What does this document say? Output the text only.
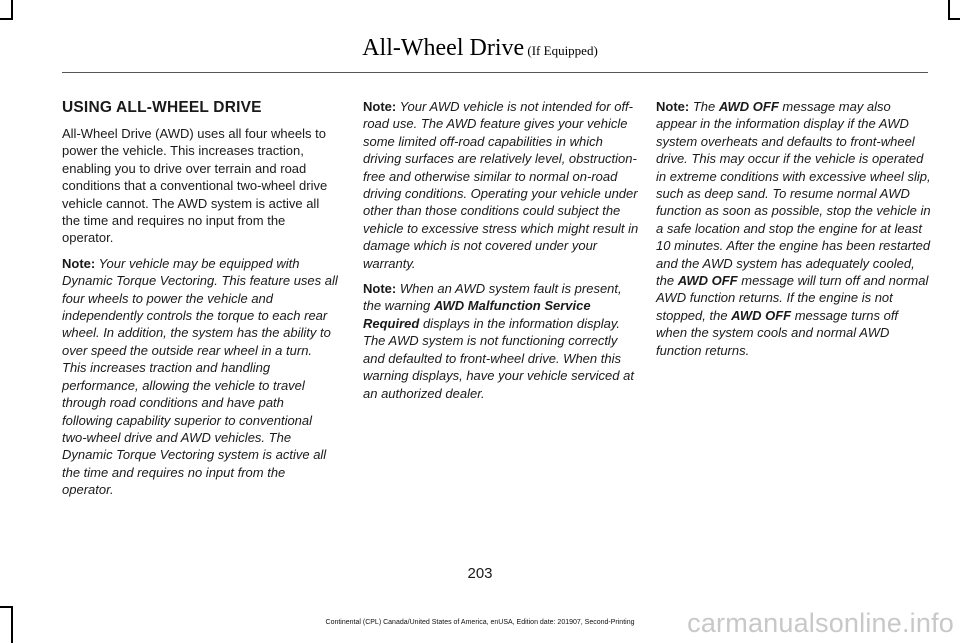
All-Wheel Drive (If Equipped)

USING ALL-WHEEL DRIVE

All-Wheel Drive (AWD) uses all four wheels to power the vehicle. This increases traction, enabling you to drive over terrain and road conditions that a conventional two-wheel drive vehicle cannot. The AWD system is active all the time and requires no input from the operator.

Note: Your vehicle may be equipped with Dynamic Torque Vectoring. This feature uses all four wheels to power the vehicle and independently controls the torque to each rear wheel. In addition, the system has the ability to over speed the outside rear wheel in a turn. This increases traction and handling performance, allowing the vehicle to travel through road conditions and have path following capability superior to conventional two-wheel drive and AWD vehicles. The Dynamic Torque Vectoring system is active all the time and requires no input from the operator.

Note: Your AWD vehicle is not intended for off-road use. The AWD feature gives your vehicle some limited off-road capabilities in which driving surfaces are relatively level, obstruction-free and otherwise similar to normal on-road driving conditions. Operating your vehicle under other than those conditions could subject the vehicle to excessive stress which might result in damage which is not covered under your warranty.

Note: When an AWD system fault is present, the warning AWD Malfunction Service Required displays in the information display. The AWD system is not functioning correctly and defaulted to front-wheel drive. When this warning displays, have your vehicle serviced at an authorized dealer.

Note: The AWD OFF message may also appear in the information display if the AWD system overheats and defaults to front-wheel drive. This may occur if the vehicle is operated in extreme conditions with excessive wheel slip, such as deep sand. To resume normal AWD function as soon as possible, stop the vehicle in a safe location and stop the engine for at least 10 minutes. After the engine has been restarted and the AWD system has adequately cooled, the AWD OFF message will turn off and normal AWD function returns. If the engine is not stopped, the AWD OFF message turns off when the system cools and normal AWD function returns.

203
Continental (CPL) Canada/United States of America, enUSA, Edition date: 201907, Second-Printing	carmanualsonline.info
